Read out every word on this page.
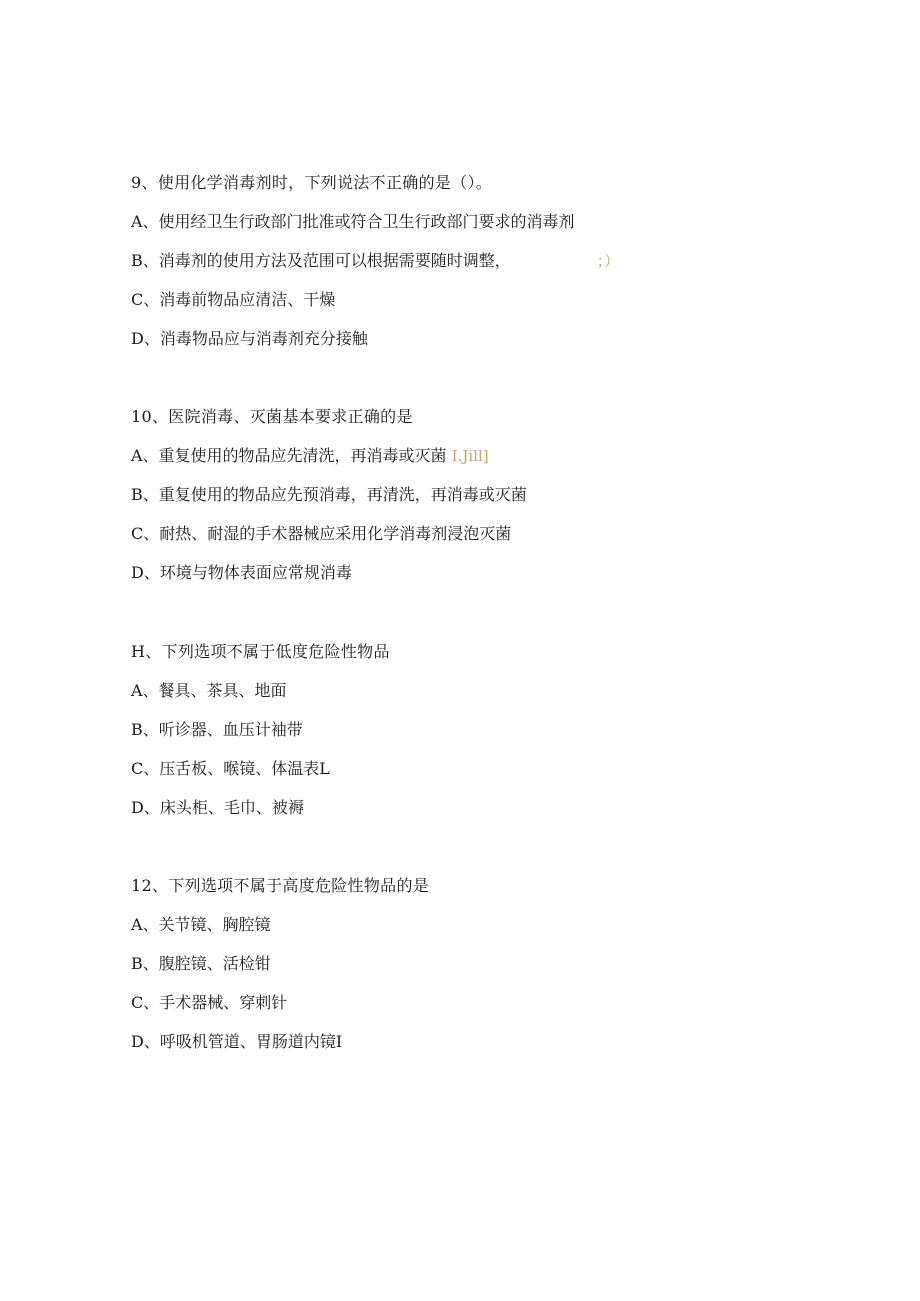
9、使用化学消毒剂时，下列说法不正确的是（）。
A、使用经卫生行政部门批准或符合卫生行政部门要求的消毒剂
B、消毒剂的使用方法及范围可以根据需要随时调整，	；）
C、消毒前物品应清洁、干燥
D、消毒物品应与消毒剂充分接触
10、医院消毒、灭菌基本要求正确的是
A、重复使用的物品应先清洗，再消毒或灭菌 I.Jill]
B、重复使用的物品应先预消毒，再清洗，再消毒或灭菌
C、耐热、耐湿的手术器械应采用化学消毒剂浸泡灭菌
D、环境与物体表面应常规消毒
H、下列选项不属于低度危险性物品
A、餐具、茶具、地面
B、听诊器、血压计袖带
C、压舌板、喉镜、体温表L
D、床头柜、毛巾、被褥
12、下列选项不属于高度危险性物品的是
A、关节镜、胸腔镜
B、腹腔镜、活检钳
C、手术器械、穿刺针
D、呼吸机管道、胃肠道内镜I
